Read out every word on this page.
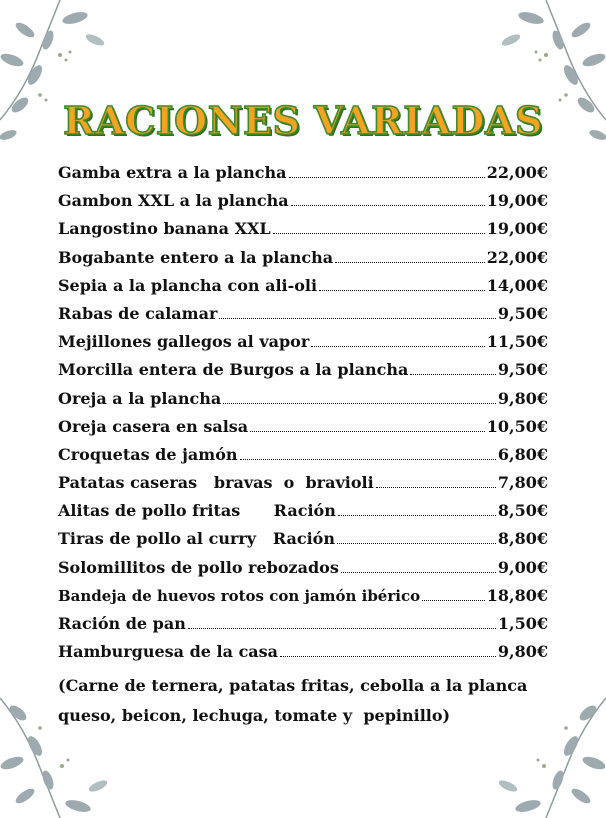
RACIONES VARIADAS
Gamba extra a la plancha	22,00€
Gambon XXL a la plancha	19,00€
Langostino banana XXL	19,00€
Bogabante entero a la plancha	22,00€
Sepia a la plancha con ali-oli	14,00€
Rabas de calamar	9,50€
Mejillones gallegos al vapor	11,50€
Morcilla entera de Burgos a la plancha	9,50€
Oreja a la plancha	9,80€
Oreja casera en salsa	10,50€
Croquetas de jamón	6,80€
Patatas caseras   bravas  o  bravioli	7,80€
Alitas de pollo fritas      Ración	8,50€
Tiras de pollo al curry   Ración	8,80€
Solomillitos de pollo rebozados	9,00€
Bandeja de huevos rotos con jamón ibérico	18,80€
Ración de pan	1,50€
Hamburguesa de la casa	9,80€
(Carne de ternera, patatas fritas, cebolla a la planca
queso, beicon, lechuga, tomate y  pepinillo)
